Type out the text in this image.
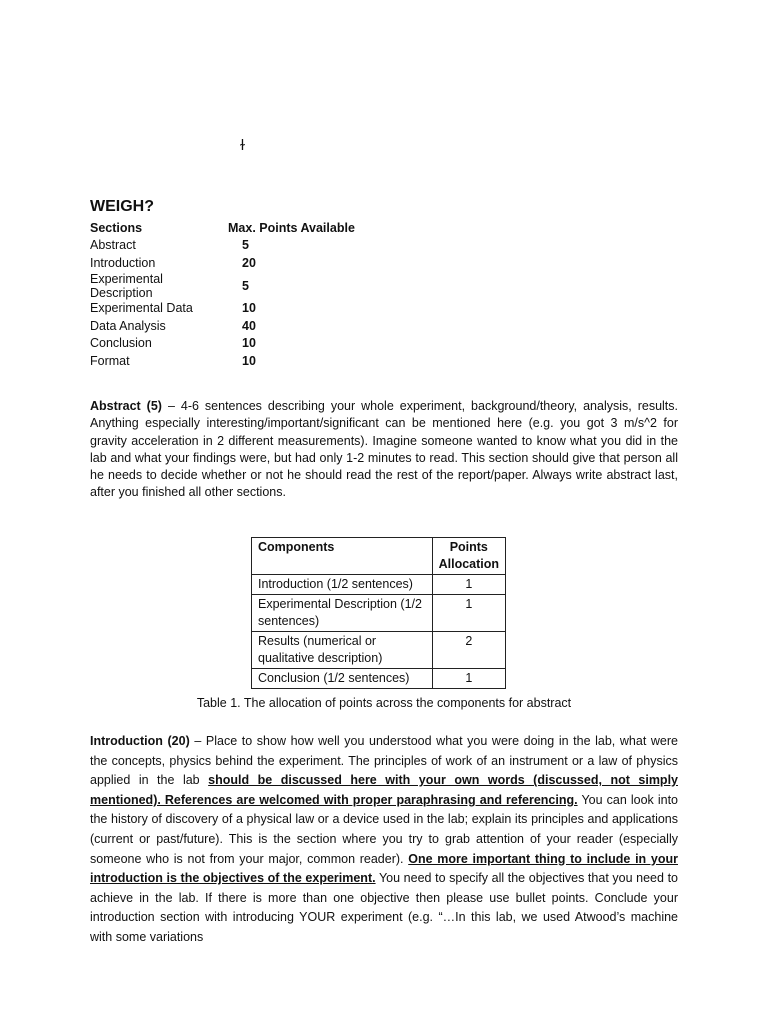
ɫ
WEIGH?
Sections	Max. Points Available
Abstract	5
Introduction	20
Experimental Description	5
Experimental Data	10
Data Analysis	40
Conclusion	10
Format	10

Abstract (5) – 4-6 sentences describing your whole experiment, background/theory, analysis, results. Anything especially interesting/important/significant can be mentioned here (e.g. you got 3 m/s^2 for gravity acceleration in 2 different measurements). Imagine someone wanted to know what you did in the lab and what your findings were, but had only 1-2 minutes to read. This section should give that person all he needs to decide whether or not he should read the rest of the report/paper. Always write abstract last, after you finished all other sections.

Components	Points Allocation
Introduction (1/2 sentences)	1
Experimental Description (1/2 sentences)	1
Results (numerical or qualitative description)	2
Conclusion (1/2 sentences)	1

Table 1. The allocation of points across the components for abstract

Introduction (20) – Place to show how well you understood what you were doing in the lab, what were the concepts, physics behind the experiment. The principles of work of an instrument or a law of physics applied in the lab should be discussed here with your own words (discussed, not simply mentioned). References are welcomed with proper paraphrasing and referencing. You can look into the history of discovery of a physical law or a device used in the lab; explain its principles and applications (current or past/future). This is the section where you try to grab attention of your reader (especially someone who is not from your major, common reader). One more important thing to include in your introduction is the objectives of the experiment. You need to specify all the objectives that you need to achieve in the lab. If there is more than one objective then please use bullet points. Conclude your introduction section with introducing YOUR experiment (e.g. “…In this lab, we used Atwood’s machine with some variations
